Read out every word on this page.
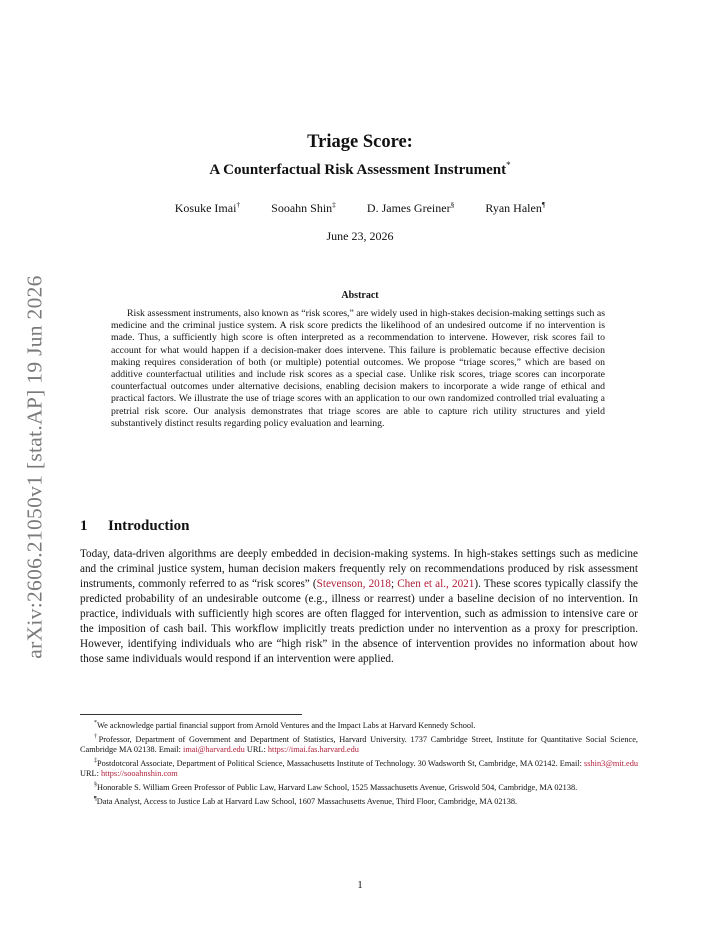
arXiv:2606.21050v1 [stat.AP] 19 Jun 2026
Triage Score:
A Counterfactual Risk Assessment Instrument*
Kosuke Imai†	Sooahn Shin‡	D. James Greiner§	Ryan Halen¶
June 23, 2026
Abstract
Risk assessment instruments, also known as “risk scores,” are widely used in high-stakes decision-making settings such as medicine and the criminal justice system. A risk score predicts the likelihood of an undesired outcome if no intervention is made. Thus, a sufficiently high score is often interpreted as a recommendation to intervene. However, risk scores fail to account for what would happen if a decision-maker does intervene. This failure is problematic because effective decision making requires consideration of both (or multiple) potential outcomes. We propose “triage scores,” which are based on additive counterfactual utilities and include risk scores as a special case. Unlike risk scores, triage scores can incorporate counterfactual outcomes under alternative decisions, enabling decision makers to incorporate a wide range of ethical and practical factors. We illustrate the use of triage scores with an application to our own randomized controlled trial evaluating a pretrial risk score. Our analysis demonstrates that triage scores are able to capture rich utility structures and yield substantively distinct results regarding policy evaluation and learning.
1 Introduction
Today, data-driven algorithms are deeply embedded in decision-making systems. In high-stakes settings such as medicine and the criminal justice system, human decision makers frequently rely on recommendations produced by risk assessment instruments, commonly referred to as “risk scores” (Stevenson, 2018; Chen et al., 2021). These scores typically classify the predicted probability of an undesirable outcome (e.g., illness or rearrest) under a baseline decision of no intervention. In practice, individuals with sufficiently high scores are often flagged for intervention, such as admission to intensive care or the imposition of cash bail. This workflow implicitly treats prediction under no intervention as a proxy for prescription. However, identifying individuals who are “high risk” in the absence of intervention provides no information about how those same individuals would respond if an intervention were applied.

*We acknowledge partial financial support from Arnold Ventures and the Impact Labs at Harvard Kennedy School.

†Professor, Department of Government and Department of Statistics, Harvard University. 1737 Cambridge Street, Institute for Quantitative Social Science, Cambridge MA 02138. Email: imai@harvard.edu URL: https://imai.fas.harvard.edu

‡Postdotcoral Associate, Department of Political Science, Massachusetts Institute of Technology. 30 Wadsworth St, Cambridge, MA 02142. Email: sshin3@mit.edu URL: https://sooahnshin.com

§Honorable S. William Green Professor of Public Law, Harvard Law School, 1525 Massachusetts Avenue, Griswold 504, Cambridge, MA 02138.

¶Data Analyst, Access to Justice Lab at Harvard Law School, 1607 Massachusetts Avenue, Third Floor, Cambridge, MA 02138.

1
